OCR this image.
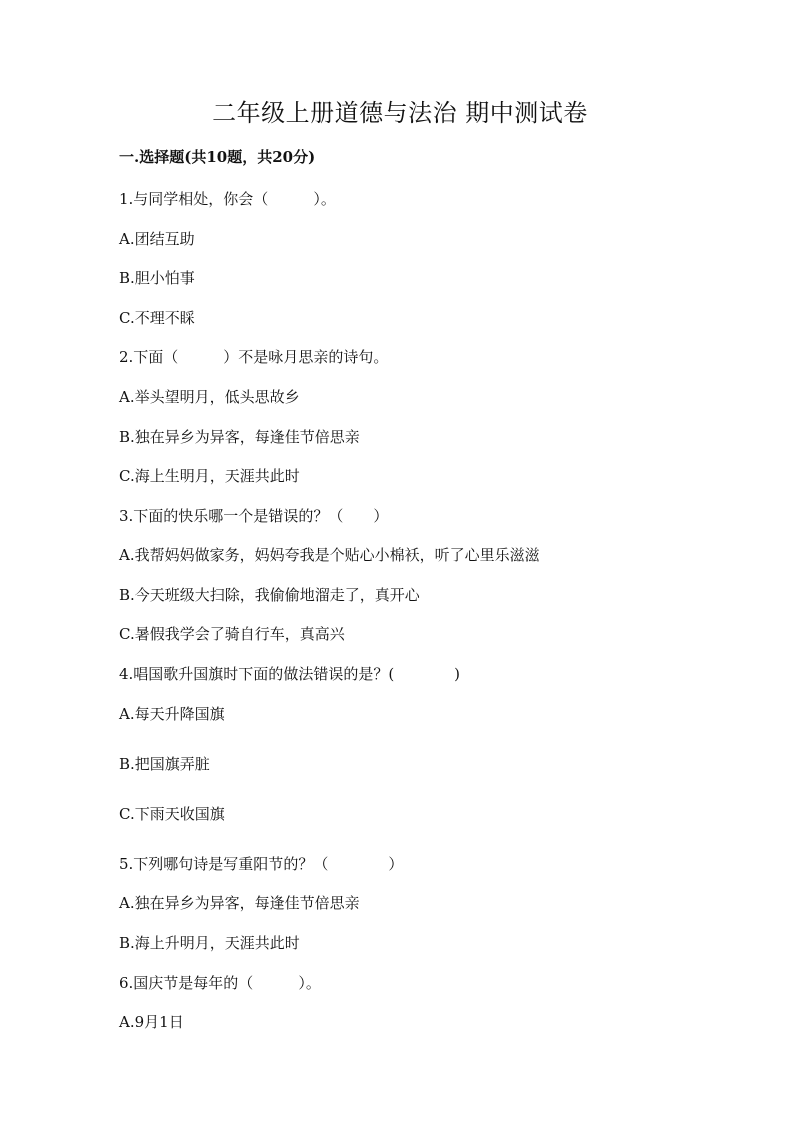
二年级上册道德与法治 期中测试卷
一.选择题(共10题，共20分)
1.与同学相处，你会（　　　）。
A.团结互助
B.胆小怕事
C.不理不睬
2.下面（　　　）不是咏月思亲的诗句。
A.举头望明月，低头思故乡
B.独在异乡为异客，每逢佳节倍思亲
C.海上生明月，天涯共此时
3.下面的快乐哪一个是错误的？（　　）
A.我帮妈妈做家务，妈妈夸我是个贴心小棉袄，听了心里乐滋滋
B.今天班级大扫除，我偷偷地溜走了，真开心
C.暑假我学会了骑自行车，真高兴
4.唱国歌升国旗时下面的做法错误的是？(　　　　)
A.每天升降国旗
B.把国旗弄脏
C.下雨天收国旗
5.下列哪句诗是写重阳节的？（　　　　）
A.独在异乡为异客，每逢佳节倍思亲
B.海上升明月，天涯共此时
6.国庆节是每年的（　　　）。
A.9月1日
